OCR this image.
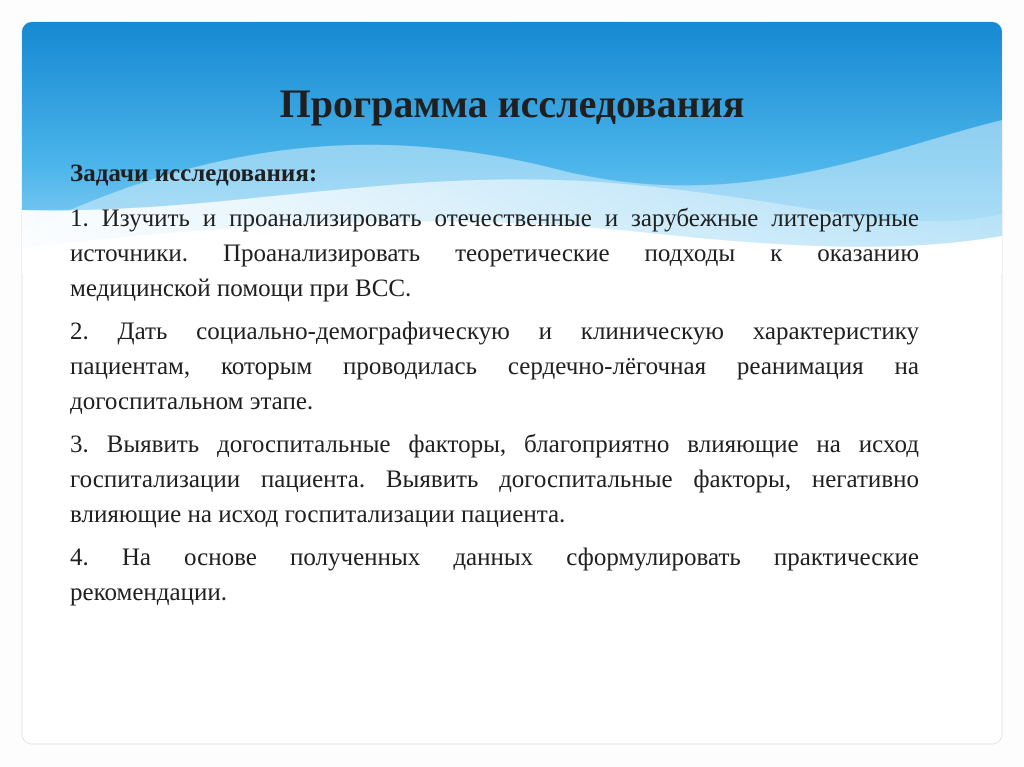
Программа исследования
Задачи исследования:
1. Изучить и проанализировать отечественные и зарубежные литературные источники. Проанализировать теоретические подходы к оказанию медицинской помощи при ВСС.
2. Дать социально-демографическую и клиническую характеристику пациентам, которым проводилась сердечно-лёгочная реанимация на догоспитальном этапе.
3. Выявить догоспитальные факторы, благоприятно влияющие на исход госпитализации пациента. Выявить догоспитальные факторы, негативно влияющие на исход госпитализации пациента.
4. На основе полученных данных сформулировать практические рекомендации.
